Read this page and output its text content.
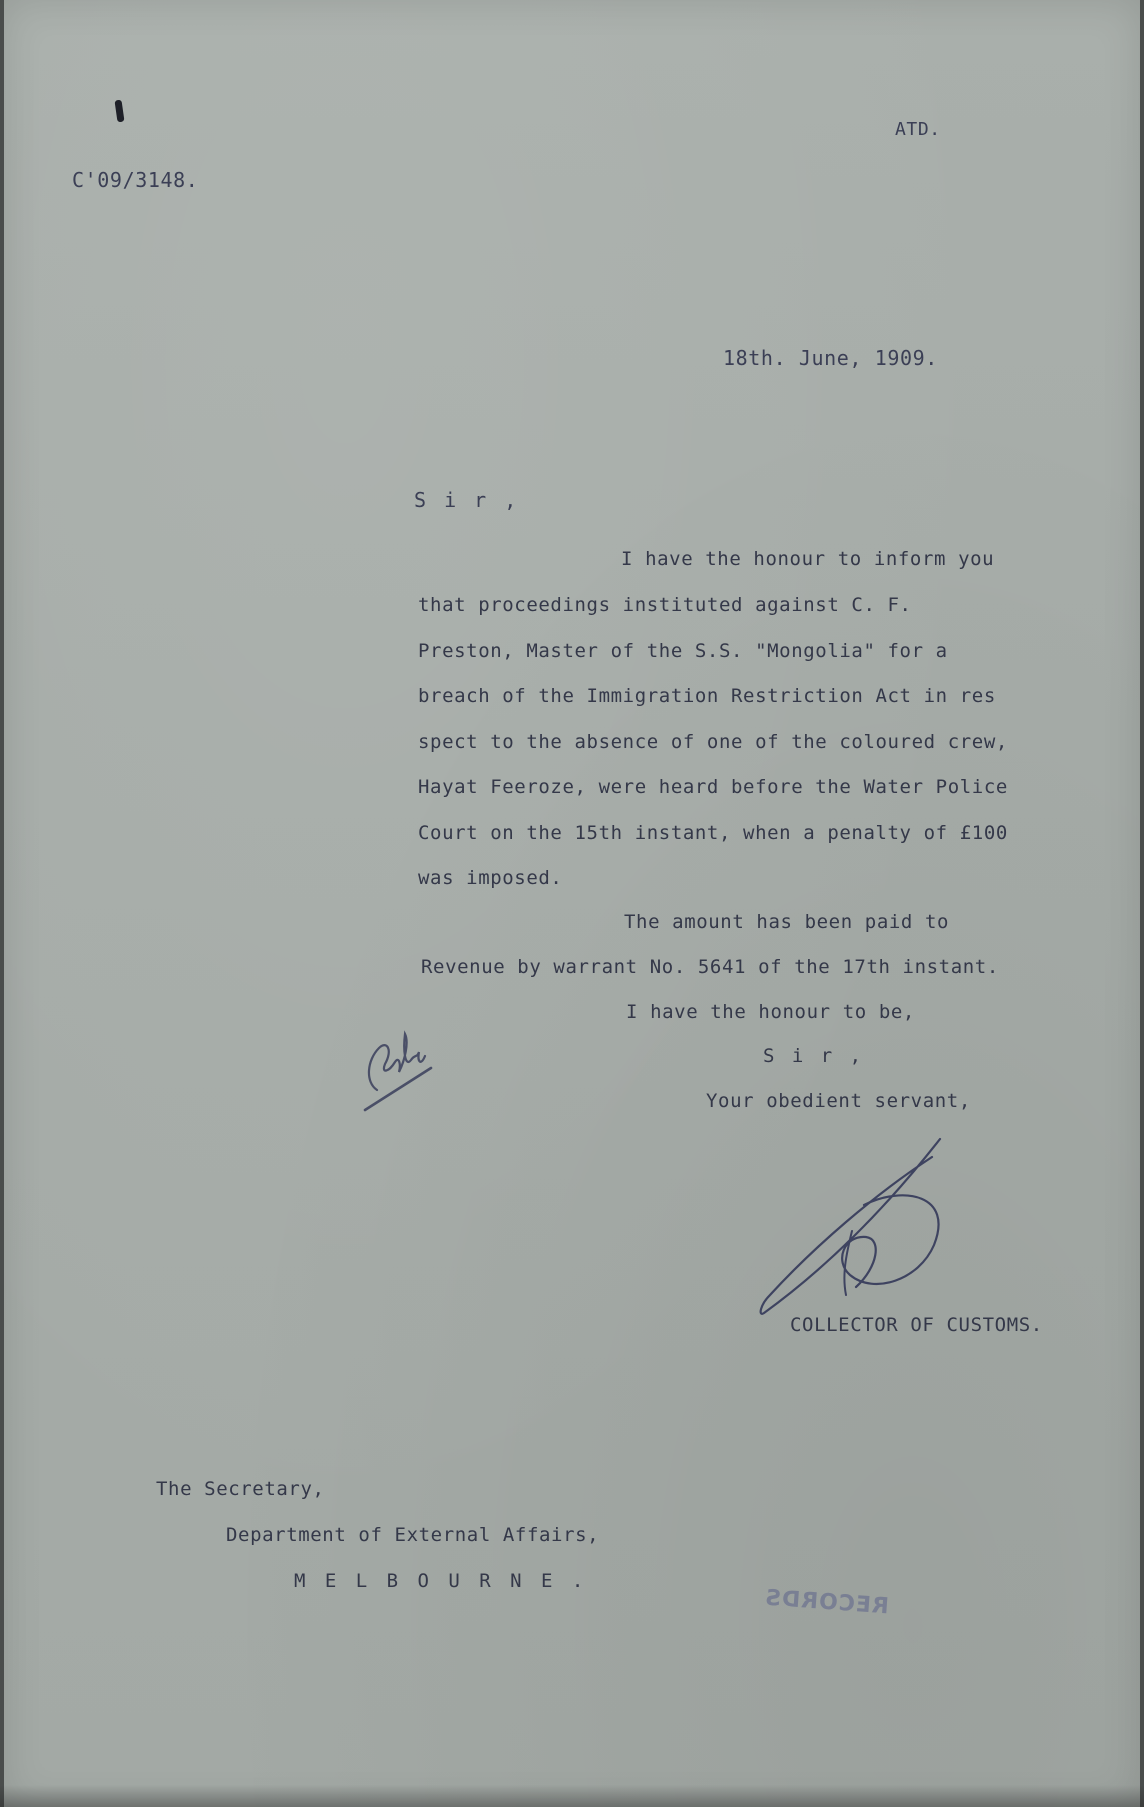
C'09/3148.

ATD.

18th. June, 1909.

S i r ,

I have the honour to inform you

that proceedings instituted against C. F.

Preston, Master of the S.S. "Mongolia" for a

breach of the Immigration Restriction Act in res

spect to the absence of one of the coloured crew,

Hayat Feeroze, were heard before the Water Police

Court on the 15th instant, when a penalty of £100

was imposed.

The amount has been paid to

Revenue by warrant No. 5641 of the 17th instant.

I have the honour to be,

S i r ,

Your obedient servant,

COLLECTOR OF CUSTOMS.

The Secretary,

Department of External Affairs,

M E L B O U R N E .

RECORDS
